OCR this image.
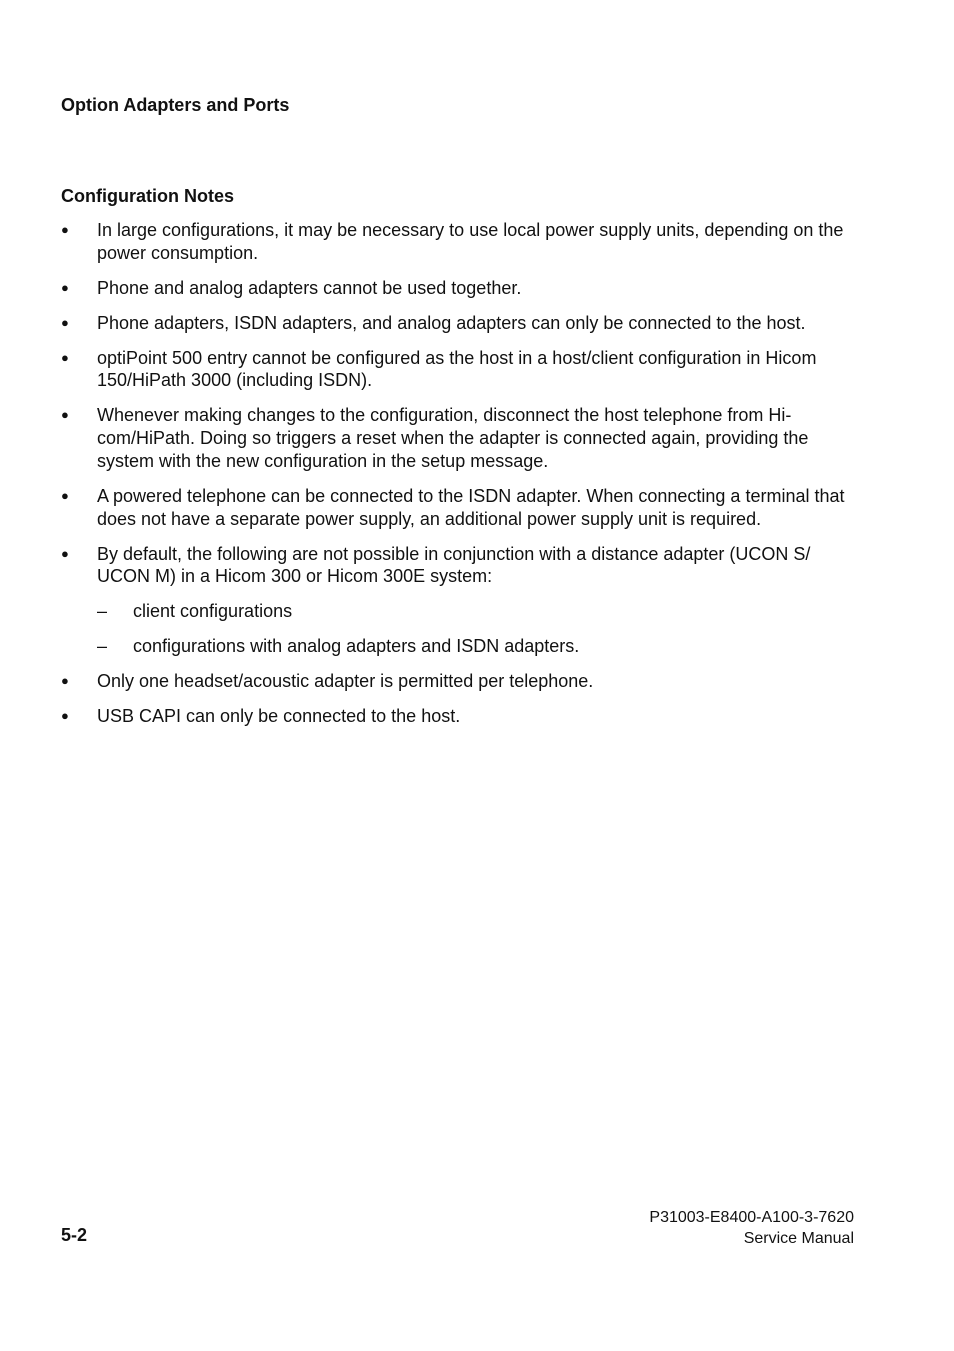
Option Adapters and Ports
Configuration Notes
●	In large configurations, it may be necessary to use local power supply units, depending on the power consumption.
●	Phone and analog adapters cannot be used together.
●	Phone adapters, ISDN adapters, and analog adapters can only be connected to the host.
●	optiPoint 500 entry cannot be configured as the host in a host/client configuration in Hicom 150/HiPath 3000 (including ISDN).
●	Whenever making changes to the configuration, disconnect the host telephone from Hi-com/HiPath. Doing so triggers a reset when the adapter is connected again, providing the system with the new configuration in the setup message.
●	A powered telephone can be connected to the ISDN adapter. When connecting a terminal that does not have a separate power supply, an additional power supply unit is required.
●	By default, the following are not possible in conjunction with a distance adapter (UCON S/ UCON M) in a Hicom 300 or Hicom 300E system:
– client configurations
– configurations with analog adapters and ISDN adapters.
●	Only one headset/acoustic adapter is permitted per telephone.
●	USB CAPI can only be connected to the host.
5-2
P31003-E8400-A100-3-7620
Service Manual
